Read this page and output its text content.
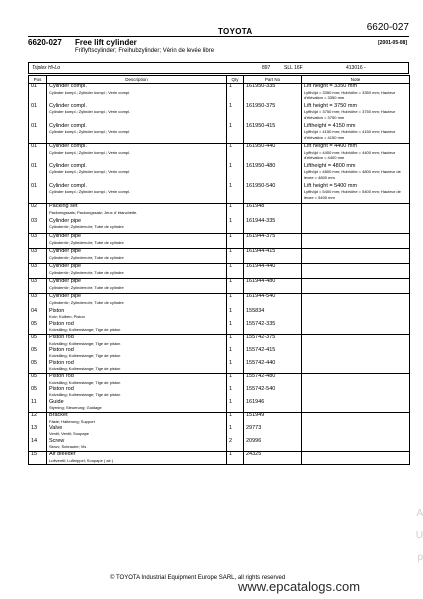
TOYOTA	6620-027
6620-027 Free lift cylinder
Friflyftscylinder; Freihubzylinder; Vérin de levée libre
[2001-05-08]
Triplex Hi-Lo	897	SLL 16F	413016 -
Pos	Description	Qty	Part No	Note

01	Cylinder compl.
Cylinder kompl.; Zylinder kompl.; Verin compl.	1	161950-335	Lift height = 3350 mm
Lyfthöjd = 3350 mm; Hubhöhe = 3350 mm; Hauteur d'élévation = 3350 mm

01	Cylinder compl.
Cylinder kompl.; Zylinder kompl.; Verin compl.	1	161950-375	Lift height = 3750 mm
Lyfthöjd = 3750 mm; Hubhöhe = 3750 mm; Hauteur d'élévation = 3750 mm

01	Cylinder compl.
Cylinder kompl.; Zylinder kompl.; Verin compl.	1	161950-415	Liftheight = 4150 mm
Lyfthöjd = 4150 mm; Hubhöhe = 4150 mm; Hauteur d'élévation = 4150 mm

01	Cylinder compl.
Cylinder kompl.; Zylinder kompl.; Verin compl.	1	161950-440	Lift height = 4400 mm
Lyfthöjd = 4400 mm; Hubhöhe = 4400 mm; Hauteur d'élévation = 4400 mm

01	Cylinder compl.
Cylinder kompl.; Zylinder kompl.; Verin compl.	1	161950-480	Liftheight = 4800 mm
Lyfthöjd = 4800 mm; Hubhöhe = 4800 mm; Hauteur de levee = 4800 mm

01	Cylinder compl.
Cylinder kompl.; Zylinder kompl.; Verin compl.	1	161950-540	Lift height = 5400 mm
Lyfthöjd = 5400 mm; Hubhöhe = 5400 mm; Hauteur de levee = 5400 mm

02	Packing set
Packningssats; Packungssatz; Jeux d' étanchéite.	1	161948	

03	Cylinder pipe
Cylinderrör; Zylinderrohr; Tube de cylindre	1	161944-335	

03	Cylinder pipe
Cylinderrör; Zylinderrohr; Tube de cylindre	1	161944-375	

03	Cylinder pipe
Cylinderrör; Zylinderrohr; Tube de cylindre	1	161944-415	

03	Cylinder pipe
Cylinderrör; Zylinderrohr; Tube de cylindre	1	161944-440	

03	Cylinder pipe
Cylinderrör; Zylinderrohr; Tube de cylindre	1	161944-480	

03	Cylinder pipe
Cylinderrör; Zylinderrohr; Tube de cylindre	1	161944-540	

04	Piston
Kolv; Kolben; Piston	1	155834	

05	Piston rod
Kolvstång; Kolbenstange; Tige de piston	1	155742-335	

05	Piston rod
Kolvstång; Kolbenstange; Tige de piston	1	155742-375	

05	Piston rod
Kolvstång; Kolbenstange; Tige de piston	1	155742-415	

05	Piston rod
Kolvstång; Kolbenstange; Tige de piston	1	155742-440	

05	Piston rod
Kolvstång; Kolbenstange; Tige de piston	1	155742-480	

05	Piston rod
Kolvstång; Kolbenstange; Tige de piston	1	155742-540	

11	Guide
Styrning; Steuerung; Guidage	1	161946	

12	Bracket
Fäste; Halterung; Support	1	151949	

13	Valve
Ventil; Ventil; Soupape	1	29773	

14	Screw
Skruv; Schraube; Vis	2	20996	

15	Air bleeder
Luftventil; Luftnippel; Soupape ( air )	1	24325	

© TOYOTA Industrial Equipment Europe SARL, all rights reserved
www.epcatalogs.com
A
U
p
